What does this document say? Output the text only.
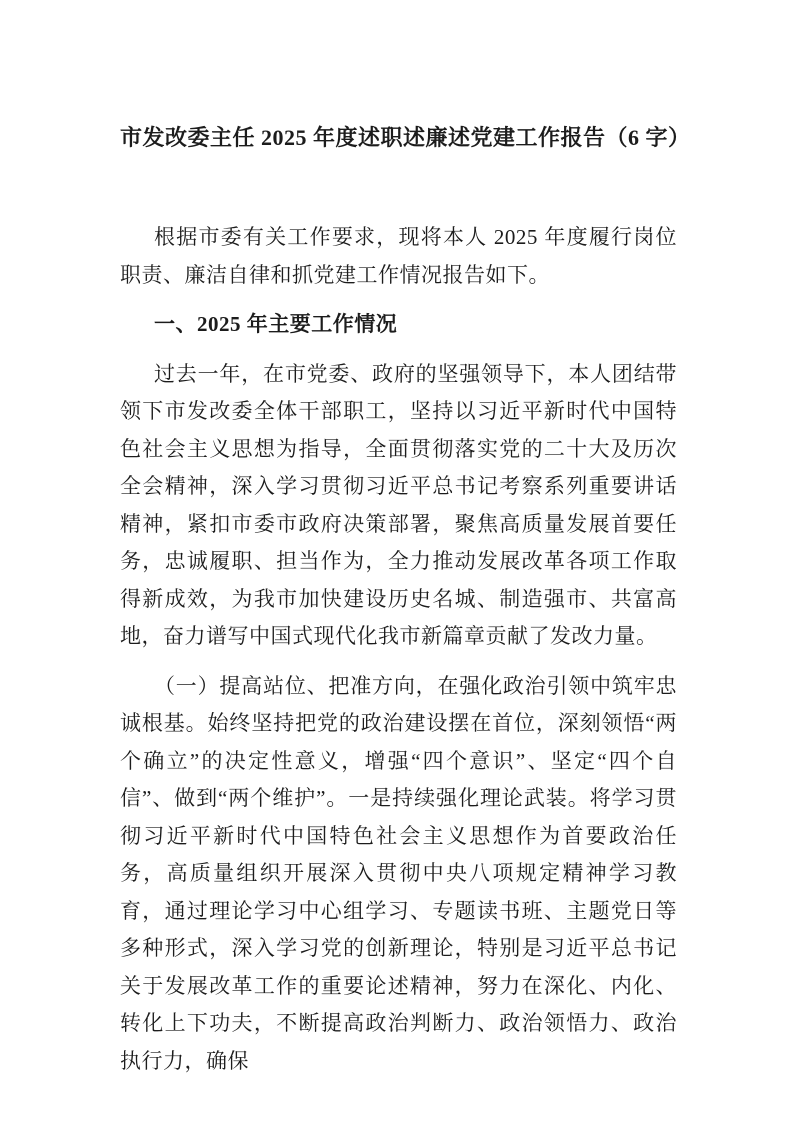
市发改委主任 2025 年度述职述廉述党建工作报告（6 字）

根据市委有关工作要求，现将本人 2025 年度履行岗位职责、廉洁自律和抓党建工作情况报告如下。

一、2025 年主要工作情况

过去一年，在市党委、政府的坚强领导下，本人团结带领下市发改委全体干部职工，坚持以习近平新时代中国特色社会主义思想为指导，全面贯彻落实党的二十大及历次全会精神，深入学习贯彻习近平总书记考察系列重要讲话精神，紧扣市委市政府决策部署，聚焦高质量发展首要任务，忠诚履职、担当作为，全力推动发展改革各项工作取得新成效，为我市加快建设历史名城、制造强市、共富高地，奋力谱写中国式现代化我市新篇章贡献了发改力量。

（一）提高站位、把准方向，在强化政治引领中筑牢忠诚根基。始终坚持把党的政治建设摆在首位，深刻领悟“两个确立”的决定性意义，增强“四个意识”、坚定“四个自信”、做到“两个维护”。一是持续强化理论武装。将学习贯彻习近平新时代中国特色社会主义思想作为首要政治任务，高质量组织开展深入贯彻中央八项规定精神学习教育，通过理论学习中心组学习、专题读书班、主题党日等多种形式，深入学习党的创新理论，特别是习近平总书记关于发展改革工作的重要论述精神，努力在深化、内化、转化上下功夫，不断提高政治判断力、政治领悟力、政治执行力，确保
